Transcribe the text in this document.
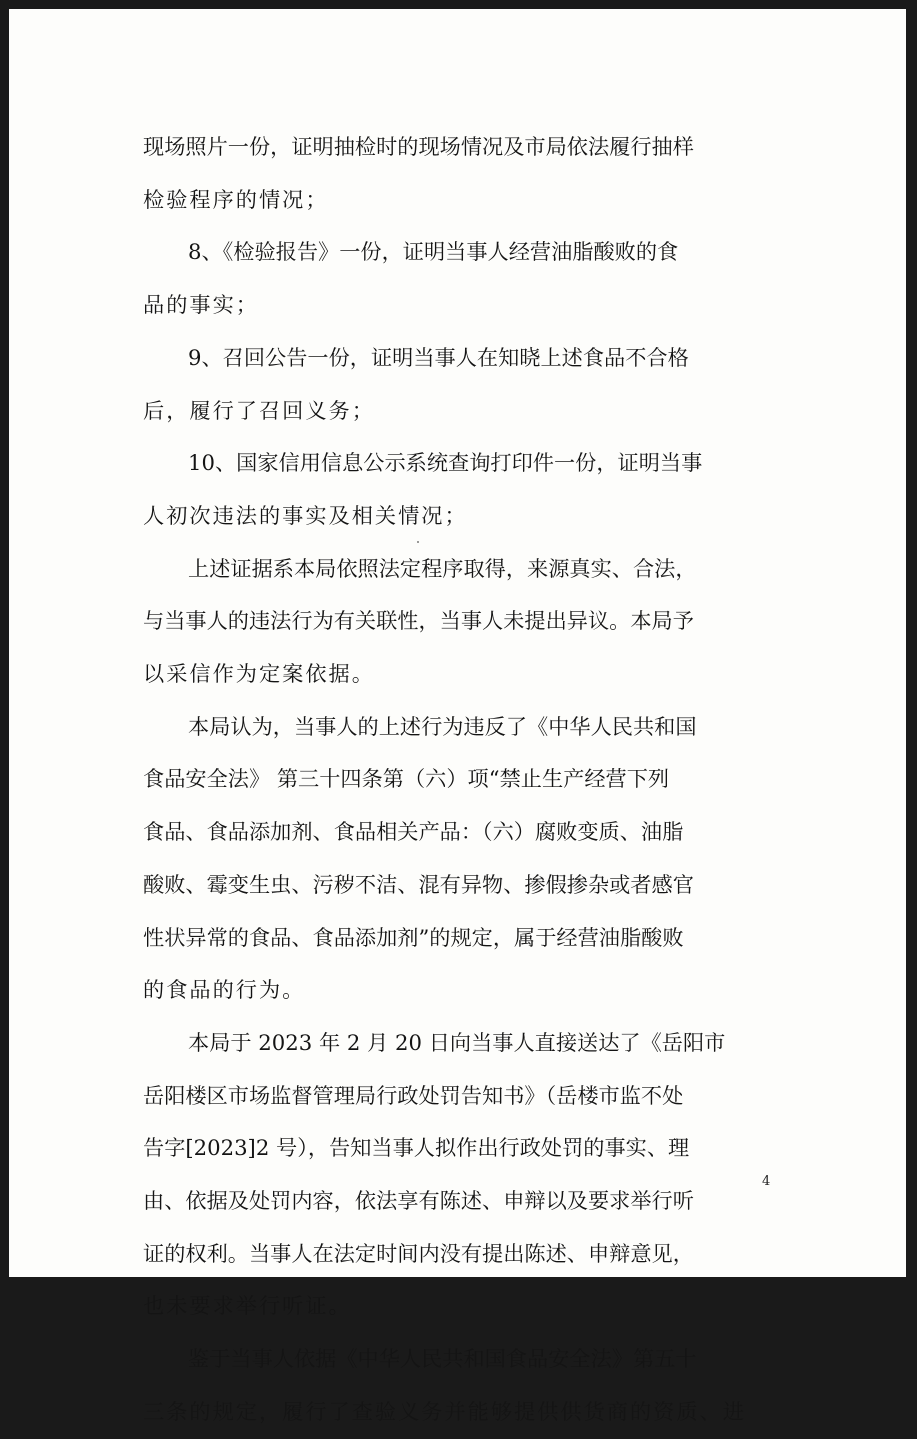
现场照片一份，证明抽检时的现场情况及市局依法履行抽样

检验程序的情况；

8、《检验报告》一份，证明当事人经营油脂酸败的食

品的事实；

9、召回公告一份，证明当事人在知晓上述食品不合格

后，履行了召回义务；

10、国家信用信息公示系统查询打印件一份，证明当事

人初次违法的事实及相关情况；

上述证据系本局依照法定程序取得，来源真实、合法，

与当事人的违法行为有关联性，当事人未提出异议。本局予

以采信作为定案依据。

本局认为，当事人的上述行为违反了《中华人民共和国

食品安全法》 第三十四条第（六）项“禁止生产经营下列

食品、食品添加剂、食品相关产品：（六）腐败变质、油脂

酸败、霉变生虫、污秽不洁、混有异物、掺假掺杂或者感官

性状异常的食品、食品添加剂”的规定，属于经营油脂酸败

的食品的行为。

本局于 2023 年 2 月 20 日向当事人直接送达了《岳阳市

岳阳楼区市场监督管理局行政处罚告知书》（岳楼市监不处

告字[2023]2 号），告知当事人拟作出行政处罚的事实、理

由、依据及处罚内容，依法享有陈述、申辩以及要求举行听

证的权利。当事人在法定时间内没有提出陈述、申辩意见，

也未要求举行听证。

鉴于当事人依据《中华人民共和国食品安全法》第五十

三条的规定，履行了查验义务并能够提供供货商的资质、进

4
